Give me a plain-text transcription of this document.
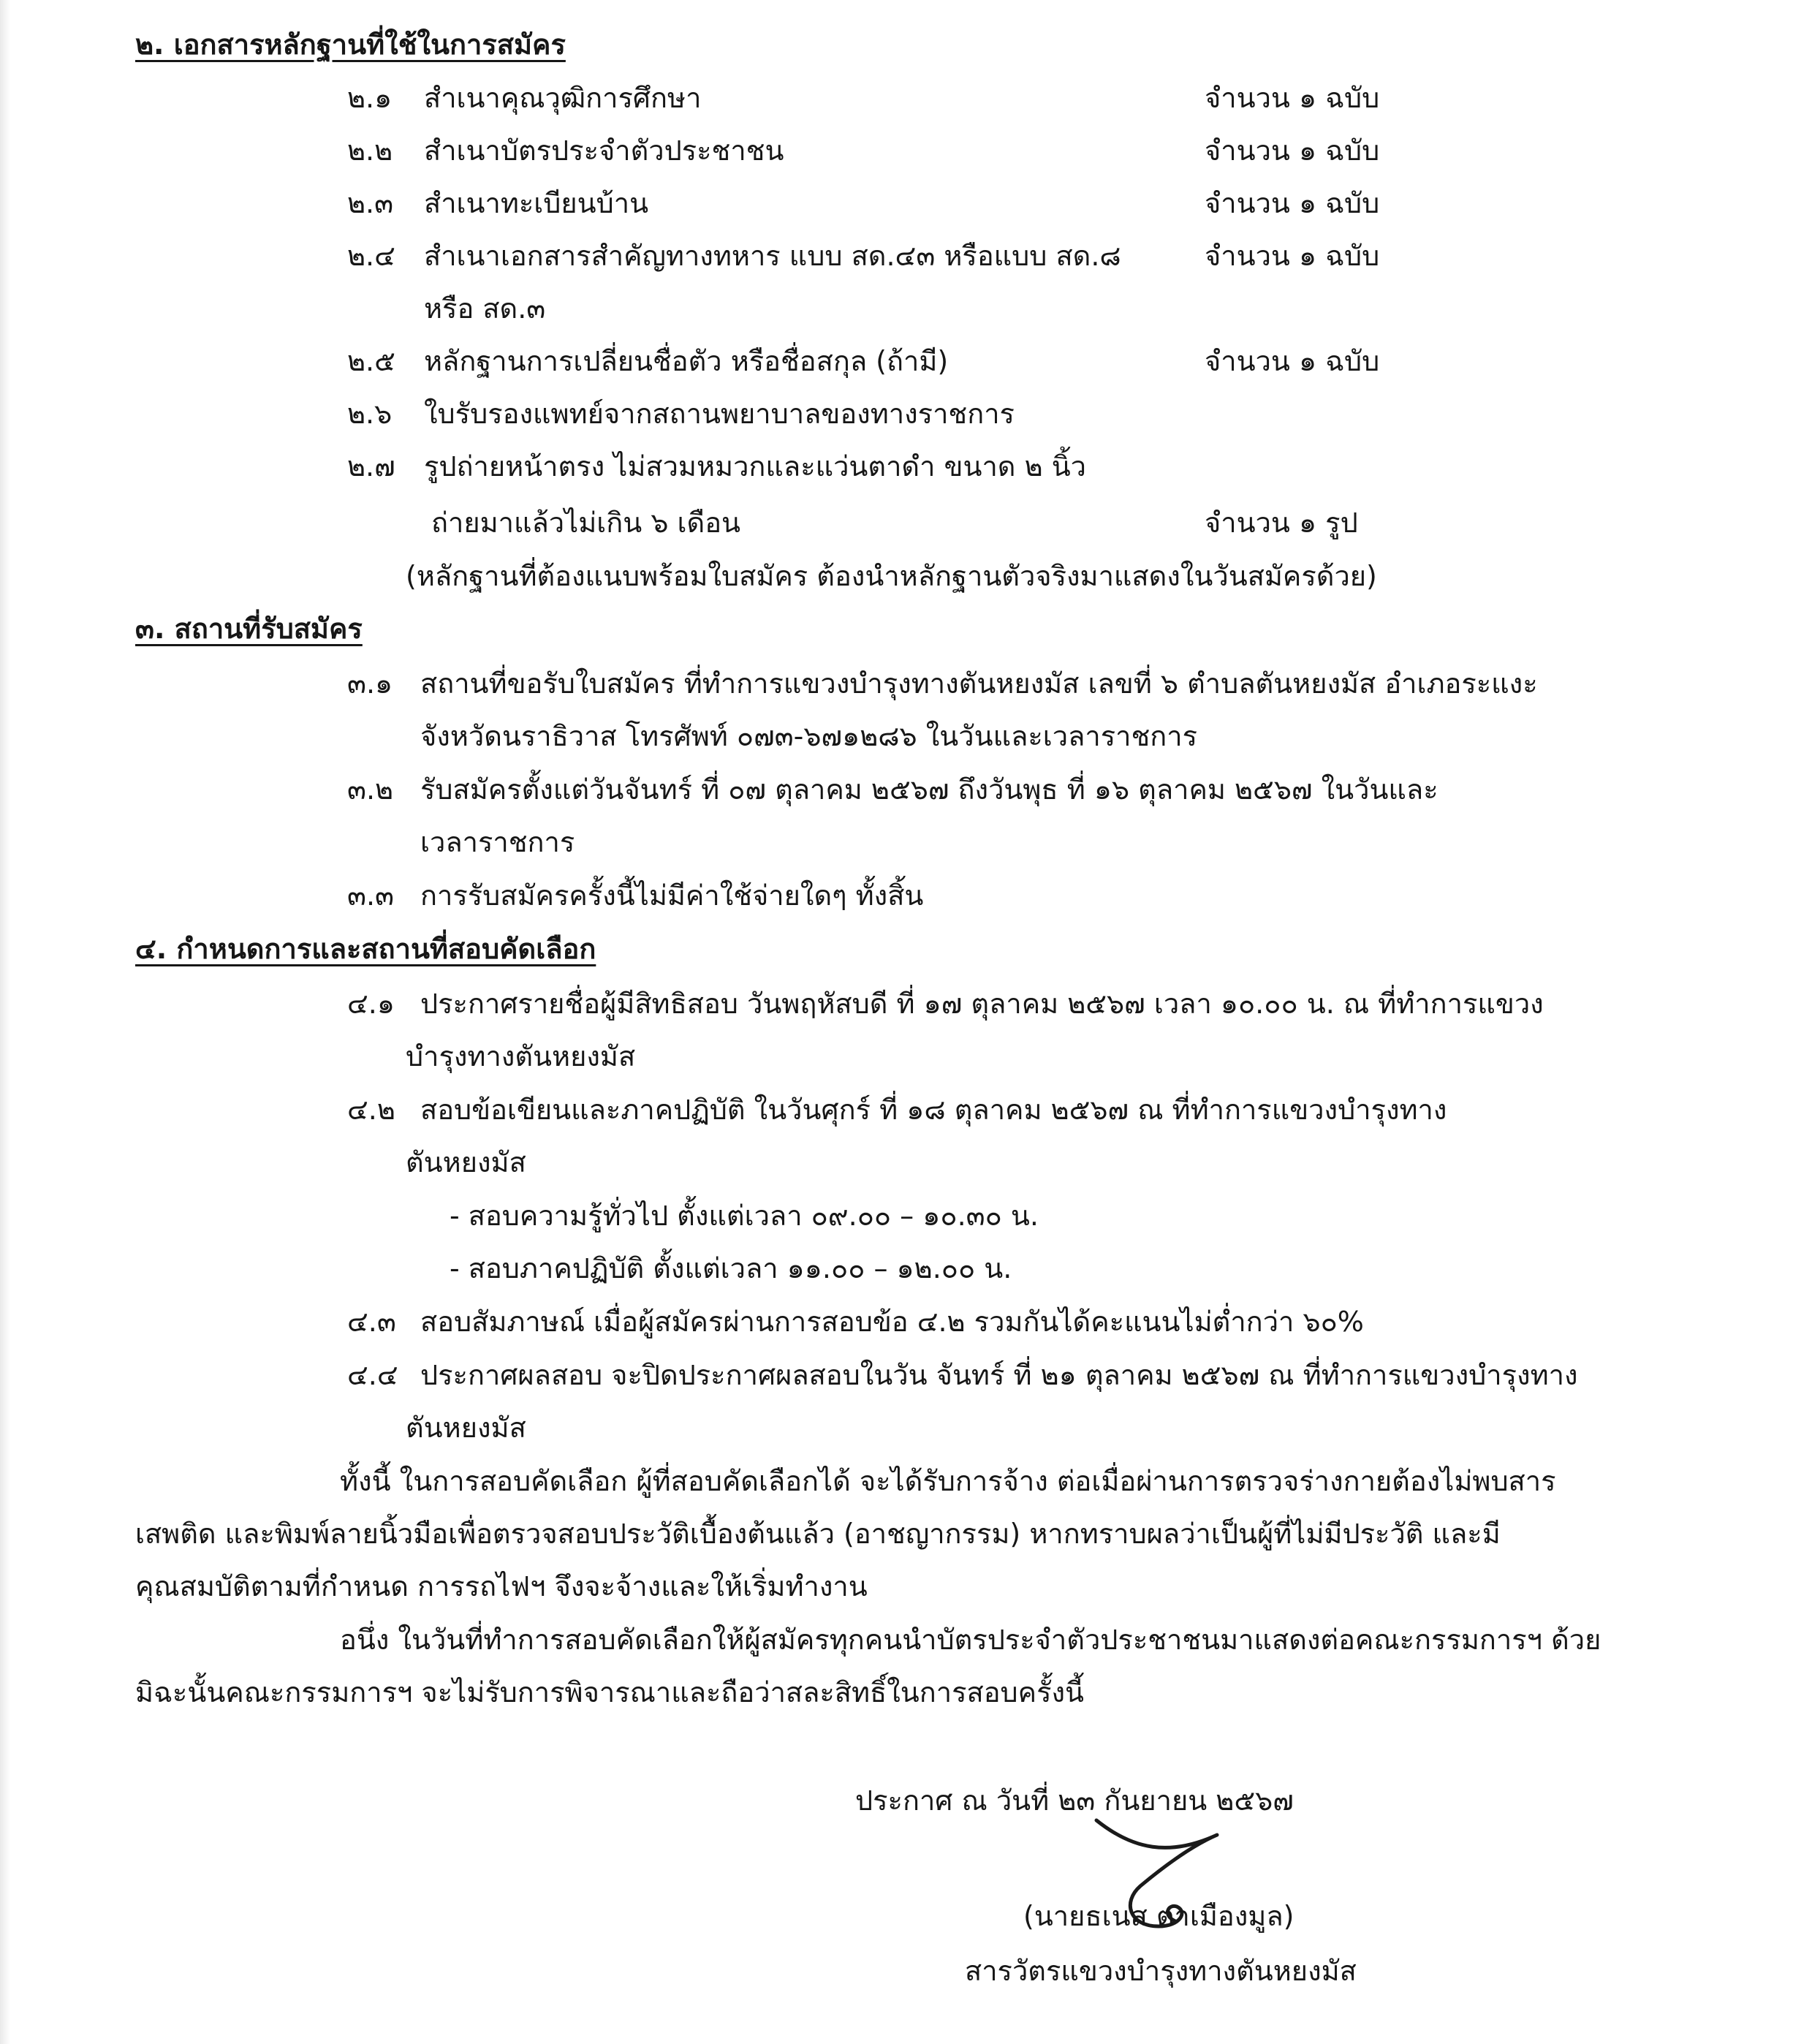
๒. เอกสารหลักฐานที่ใช้ในการสมัคร
๒.๑ สำเนาคุณวุฒิการศึกษา	จำนวน ๑ ฉบับ
๒.๒ สำเนาบัตรประจำตัวประชาชน	จำนวน ๑ ฉบับ
๒.๓ สำเนาทะเบียนบ้าน	จำนวน ๑ ฉบับ
๒.๔ สำเนาเอกสารสำคัญทางทหาร แบบ สด.๔๓ หรือแบบ สด.๘	จำนวน ๑ ฉบับ
หรือ สด.๓
๒.๕ หลักฐานการเปลี่ยนชื่อตัว หรือชื่อสกุล (ถ้ามี)	จำนวน ๑ ฉบับ
๒.๖ ใบรับรองแพทย์จากสถานพยาบาลของทางราชการ
๒.๗ รูปถ่ายหน้าตรง ไม่สวมหมวกและแว่นตาดำ ขนาด ๒ นิ้ว
ถ่ายมาแล้วไม่เกิน ๖ เดือน	จำนวน ๑ รูป
(หลักฐานที่ต้องแนบพร้อมใบสมัคร ต้องนำหลักฐานตัวจริงมาแสดงในวันสมัครด้วย)
๓. สถานที่รับสมัคร
๓.๑ สถานที่ขอรับใบสมัคร ที่ทำการแขวงบำรุงทางตันหยงมัส เลขที่ ๖ ตำบลตันหยงมัส อำเภอระแงะ
จังหวัดนราธิวาส โทรศัพท์ ๐๗๓-๖๗๑๒๘๖ ในวันและเวลาราชการ
๓.๒ รับสมัครตั้งแต่วันจันทร์ ที่ ๐๗ ตุลาคม ๒๕๖๗ ถึงวันพุธ ที่ ๑๖ ตุลาคม ๒๕๖๗ ในวันและ
เวลาราชการ
๓.๓ การรับสมัครครั้งนี้ไม่มีค่าใช้จ่ายใดๆ ทั้งสิ้น
๔. กำหนดการและสถานที่สอบคัดเลือก
๔.๑ ประกาศรายชื่อผู้มีสิทธิสอบ วันพฤหัสบดี ที่ ๑๗ ตุลาคม ๒๕๖๗ เวลา ๑๐.๐๐ น. ณ ที่ทำการแขวง
บำรุงทางตันหยงมัส
๔.๒ สอบข้อเขียนและภาคปฏิบัติ ในวันศุกร์ ที่ ๑๘ ตุลาคม ๒๕๖๗ ณ ที่ทำการแขวงบำรุงทาง
ตันหยงมัส
- สอบความรู้ทั่วไป ตั้งแต่เวลา ๐๙.๐๐ – ๑๐.๓๐ น.
- สอบภาคปฏิบัติ ตั้งแต่เวลา ๑๑.๐๐ – ๑๒.๐๐ น.
๔.๓ สอบสัมภาษณ์ เมื่อผู้สมัครผ่านการสอบข้อ ๔.๒ รวมกันได้คะแนนไม่ต่ำกว่า ๖๐%
๔.๔ ประกาศผลสอบ จะปิดประกาศผลสอบในวัน จันทร์ ที่ ๒๑ ตุลาคม ๒๕๖๗ ณ ที่ทำการแขวงบำรุงทาง
ตันหยงมัส
ทั้งนี้ ในการสอบคัดเลือก ผู้ที่สอบคัดเลือกได้ จะได้รับการจ้าง ต่อเมื่อผ่านการตรวจร่างกายต้องไม่พบสาร
เสพติด และพิมพ์ลายนิ้วมือเพื่อตรวจสอบประวัติเบื้องต้นแล้ว (อาชญากรรม) หากทราบผลว่าเป็นผู้ที่ไม่มีประวัติ และมี
คุณสมบัติตามที่กำหนด การรถไฟฯ จึงจะจ้างและให้เริ่มทำงาน
อนึ่ง ในวันที่ทำการสอบคัดเลือกให้ผู้สมัครทุกคนนำบัตรประจำตัวประชาชนมาแสดงต่อคณะกรรมการฯ ด้วย
มิฉะนั้นคณะกรรมการฯ จะไม่รับการพิจารณาและถือว่าสละสิทธิ์ในการสอบครั้งนี้
ประกาศ ณ วันที่ ๒๓ กันยายน ๒๕๖๗
(นายธเนส ตาเมืองมูล)
สารวัตรแขวงบำรุงทางตันหยงมัส
